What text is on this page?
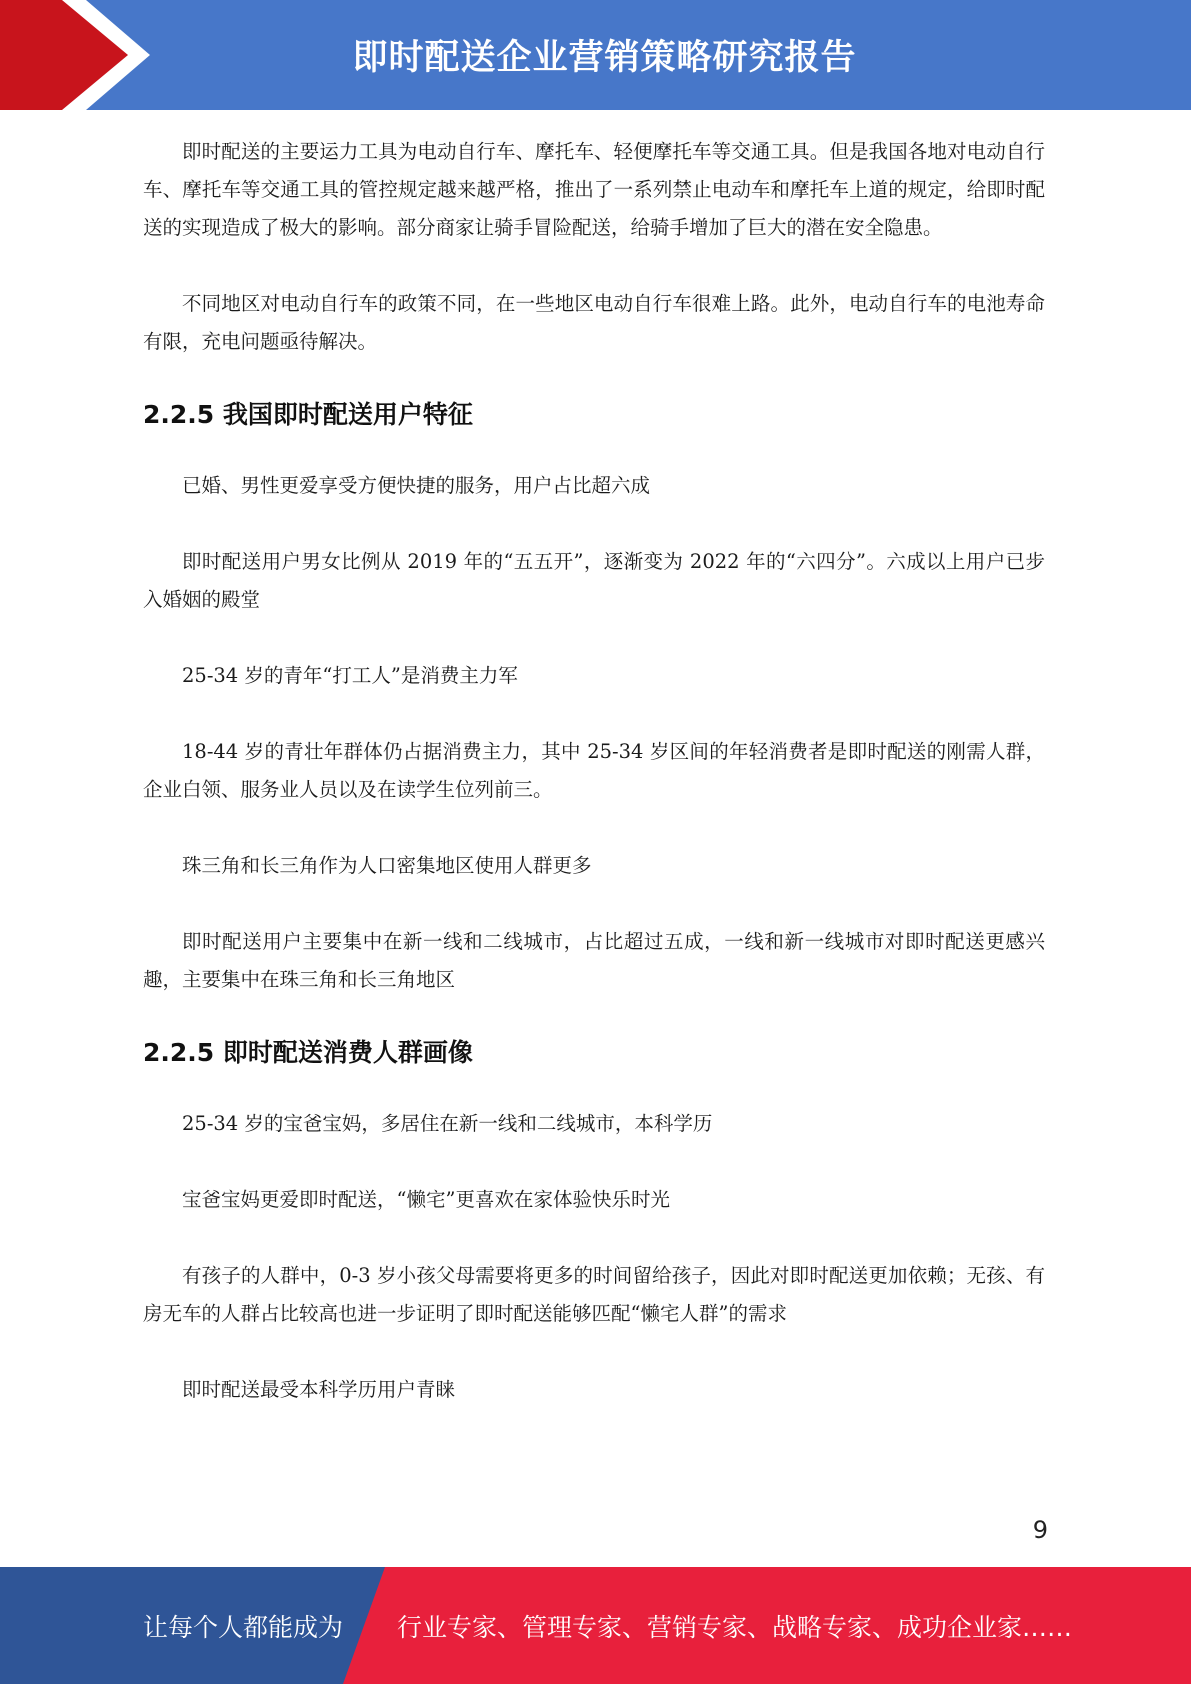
即时配送企业营销策略研究报告

即时配送的主要运力工具为电动自行车、摩托车、轻便摩托车等交通工具。但是我国各地对电动自行车、摩托车等交通工具的管控规定越来越严格，推出了一系列禁止电动车和摩托车上道的规定，给即时配送的实现造成了极大的影响。部分商家让骑手冒险配送，给骑手增加了巨大的潜在安全隐患。

不同地区对电动自行车的政策不同，在一些地区电动自行车很难上路。此外，电动自行车的电池寿命有限，充电问题亟待解决。

2.2.5 我国即时配送用户特征

已婚、男性更爱享受方便快捷的服务，用户占比超六成

即时配送用户男女比例从 2019 年的“五五开”，逐渐变为 2022 年的“六四分”。六成以上用户已步入婚姻的殿堂

25-34 岁的青年“打工人”是消费主力军

18-44 岁的青壮年群体仍占据消费主力，其中 25-34 岁区间的年轻消费者是即时配送的刚需人群，企业白领、服务业人员以及在读学生位列前三。

珠三角和长三角作为人口密集地区使用人群更多

即时配送用户主要集中在新一线和二线城市，占比超过五成，一线和新一线城市对即时配送更感兴趣，主要集中在珠三角和长三角地区

2.2.5 即时配送消费人群画像

25-34 岁的宝爸宝妈，多居住在新一线和二线城市，本科学历

宝爸宝妈更爱即时配送，“懒宅”更喜欢在家体验快乐时光

有孩子的人群中，0-3 岁小孩父母需要将更多的时间留给孩子，因此对即时配送更加依赖；无孩、有房无车的人群占比较高也进一步证明了即时配送能够匹配“懒宅人群”的需求

即时配送最受本科学历用户青睐

9
让每个人都能成为 行业专家、管理专家、营销专家、战略专家、成功企业家……
